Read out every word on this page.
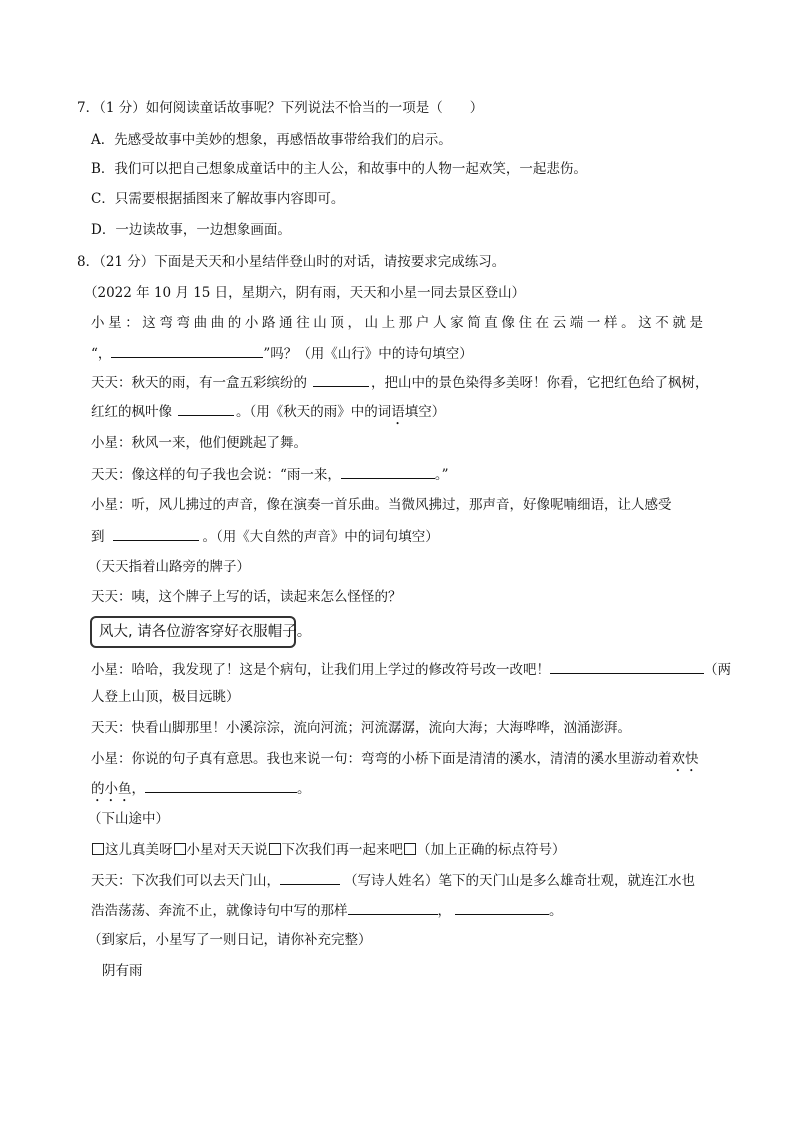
7．（1 分）如何阅读童话故事呢？下列说法不恰当的一项是（　　）
A．先感受故事中美妙的想象，再感悟故事带给我们的启示。
B．我们可以把自己想象成童话中的主人公，和故事中的人物一起欢笑，一起悲伤。
C．只需要根据插图来了解故事内容即可。
D．一边读故事，一边想象画面。
8．（21 分）下面是天天和小星结伴登山时的对话，请按要求完成练习。
（2022 年 10 月 15 日，星期六，阴有雨，天天和小星一同去景区登山）
小星：这弯弯曲曲的小路通往山顶，山上那户人家简直像住在云端一样。这不就是
“，	”吗？（用《山行》中的诗句填空）
天天：秋天的雨，有一盒五彩缤纷的	，把山中的景色染得多美呀！你看，它把红色给了枫树，
红红的枫叶像	。（用《秋天的雨》中的词语填空）
小星：秋风一来，他们便跳起了舞。
天天：像这样的句子我也会说：“雨一来，	。”
小星：听，风儿拂过的声音，像在演奏一首乐曲。当微风拂过，那声音，好像呢喃细语，让人感受
到	。（用《大自然的声音》中的词句填空）
（天天指着山路旁的牌子）
天天：咦，这个牌子上写的话，读起来怎么怪怪的？
风大, 请各位游客穿好衣服帽子。
小星：哈哈，我发现了！这是个病句，让我们用上学过的修改符号改一改吧！	（两
人登上山顶，极目远眺）
天天：快看山脚那里！小溪淙淙，流向河流；河流潺潺，流向大海；大海哗哗，汹涌澎湃。
小星：你说的句子真有意思。我也来说一句：弯弯的小桥下面是清清的溪水，清清的溪水里游动着欢快
的小鱼，	。
（下山途中）
这儿真美呀 小星对天天说 下次我们再一起来吧 （加上正确的标点符号）
天天：下次我们可以去天门山，	（写诗人姓名）笔下的天门山是多么雄奇壮观，就连江水也
浩浩荡荡、奔流不止，就像诗句中写的那样	，	。
（到家后，小星写了一则日记，请你补充完整）
阴有雨
